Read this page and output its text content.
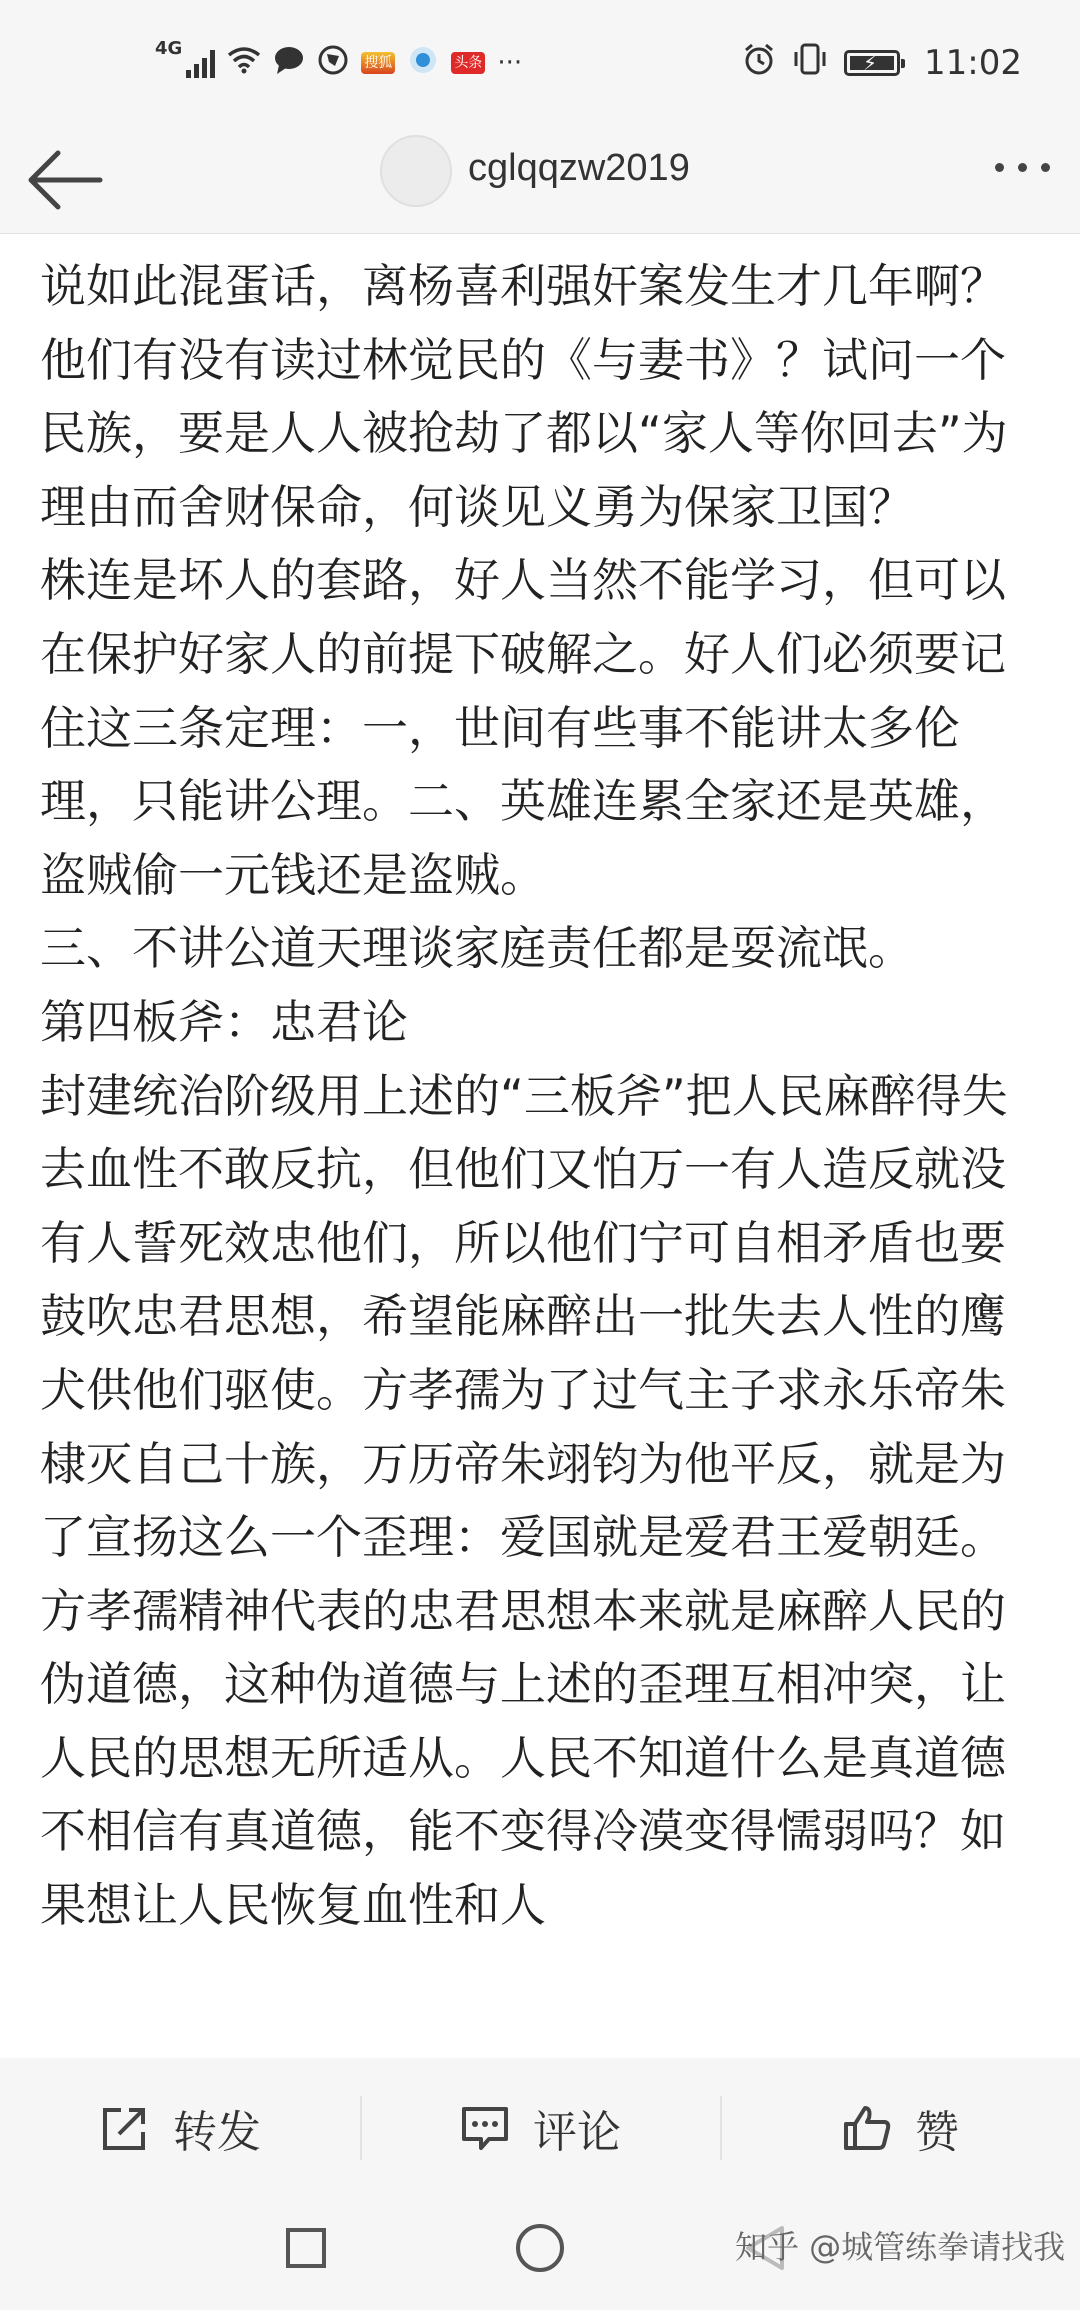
4G
搜狐	头条 ···	⚡ 11:02
cglqqzw2019

说如此混蛋话，离杨喜利强奸案发生才几年啊？他们有没有读过林觉民的《与妻书》？试问一个民族，要是人人被抢劫了都以“家人等你回去”为理由而舍财保命，何谈见义勇为保家卫国？

株连是坏人的套路，好人当然不能学习，但可以在保护好家人的前提下破解之。好人们必须要记住这三条定理：一，世间有些事不能讲太多伦理，只能讲公理。二、英雄连累全家还是英雄，盗贼偷一元钱还是盗贼。

三、不讲公道天理谈家庭责任都是耍流氓。

第四板斧：忠君论

封建统治阶级用上述的“三板斧”把人民麻醉得失去血性不敢反抗，但他们又怕万一有人造反就没有人誓死效忠他们，所以他们宁可自相矛盾也要鼓吹忠君思想，希望能麻醉出一批失去人性的鹰犬供他们驱使。方孝孺为了过气主子求永乐帝朱棣灭自己十族，万历帝朱翊钧为他平反，就是为了宣扬这么一个歪理：爱国就是爱君王爱朝廷。

方孝孺精神代表的忠君思想本来就是麻醉人民的伪道德，这种伪道德与上述的歪理互相冲突，让人民的思想无所适从。人民不知道什么是真道德不相信有真道德，能不变得冷漠变得懦弱吗？如果想让人民恢复血性和人

转发	评论	赞
知乎 @城管练拳请找我
